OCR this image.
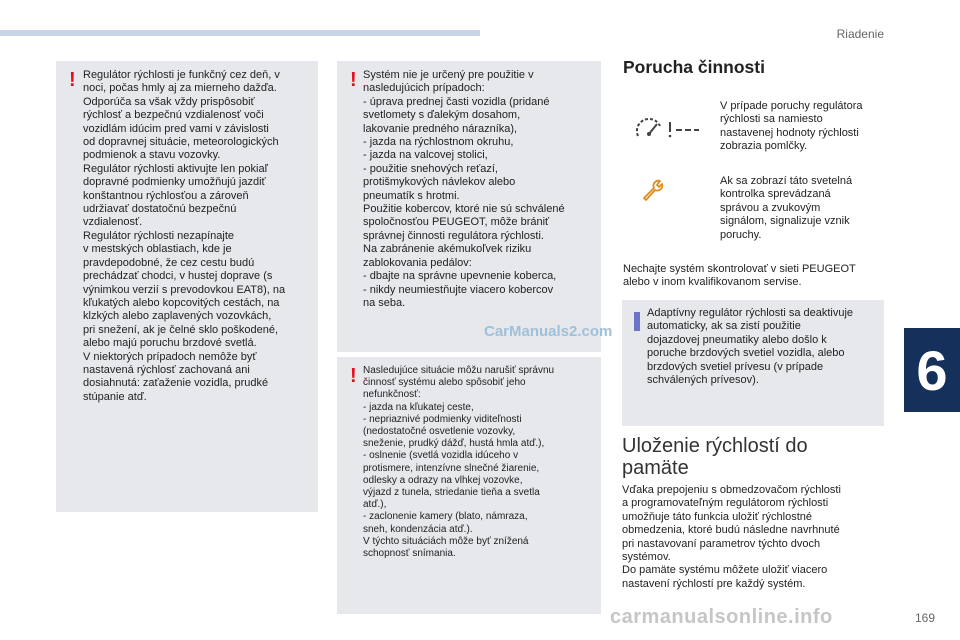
Riadenie
6
! Regulátor rýchlosti je funkčný cez deň, v
noci, počas hmly aj za mierneho dažďa.
Odporúča sa však vždy prispôsobiť
rýchlosť a bezpečnú vzdialenosť voči
vozidlám idúcim pred vami v závislosti
od dopravnej situácie, meteorologických
podmienok a stavu vozovky.
Regulátor rýchlosti aktivujte len pokiaľ
dopravné podmienky umožňujú jazdiť
konštantnou rýchlosťou a zároveň
udržiavať dostatočnú bezpečnú
vzdialenosť.
Regulátor rýchlosti nezapínajte
v mestských oblastiach, kde je
pravdepodobné, že cez cestu budú
prechádzať chodci, v hustej doprave (s
výnimkou verzií s prevodovkou EAT8), na
kľukatých alebo kopcovitých cestách, na
klzkých alebo zaplavených vozovkách,
pri snežení, ak je čelné sklo poškodené,
alebo majú poruchu brzdové svetlá.
V niektorých prípadoch nemôže byť
nastavená rýchlosť zachovaná ani
dosiahnutá: zaťaženie vozidla, prudké
stúpanie atď.
! Systém nie je určený pre použitie v
nasledujúcich prípadoch:
- úprava prednej časti vozidla (pridané
svetlomety s ďalekým dosahom,
lakovanie predného nárazníka),
- jazda na rýchlostnom okruhu,
- jazda na valcovej stolici,
- použitie snehových reťazí,
protišmykových návlekov alebo
pneumatík s hrotmi.
Použitie kobercov, ktoré nie sú schválené
spoločnosťou PEUGEOT, môže brániť
správnej činnosti regulátora rýchlosti.
Na zabránenie akémukoľvek riziku
zablokovania pedálov:
- dbajte na správne upevnenie koberca,
- nikdy neumiestňujte viacero kobercov
na seba.
! Nasledujúce situácie môžu narušiť správnu
činnosť systému alebo spôsobiť jeho
nefunkčnosť:
- jazda na kľukatej ceste,
- nepriaznivé podmienky viditeľnosti
(nedostatočné osvetlenie vozovky,
sneženie, prudký dážď, hustá hmla atď.),
- oslnenie (svetlá vozidla idúceho v
protismere, intenzívne slnečné žiarenie,
odlesky a odrazy na vlhkej vozovke,
výjazd z tunela, striedanie tieňa a svetla
atď.),
- zaclonenie kamery (blato, námraza,
sneh, kondenzácia atď.).
V týchto situáciách môže byť znížená
schopnosť snímania.
Porucha činnosti
V prípade poruchy regulátora
rýchlosti sa namiesto
nastavenej hodnoty rýchlosti
zobrazia pomlčky.
Ak sa zobrazí táto svetelná
kontrolka sprevádzaná
správou a zvukovým
signálom, signalizuje vznik
poruchy.
Nechajte systém skontrolovať v sieti PEUGEOT
alebo v inom kvalifikovanom servise.
Adaptívny regulátor rýchlosti sa deaktivuje
automaticky, ak sa zistí použitie
dojazdovej pneumatiky alebo došlo k
poruche brzdových svetiel vozidla, alebo
brzdových svetiel prívesu (v prípade
schválených prívesov).
Uloženie rýchlostí do
pamäte
Vďaka prepojeniu s obmedzovačom rýchlosti
a programovateľným regulátorom rýchlosti
umožňuje táto funkcia uložiť rýchlostné
obmedzenia, ktoré budú následne navrhnuté
pri nastavovaní parametrov týchto dvoch
systémov.
Do pamäte systému môžete uložiť viacero
nastavení rýchlostí pre každý systém.
CarManuals2.com
carmanualsonline.info	169
